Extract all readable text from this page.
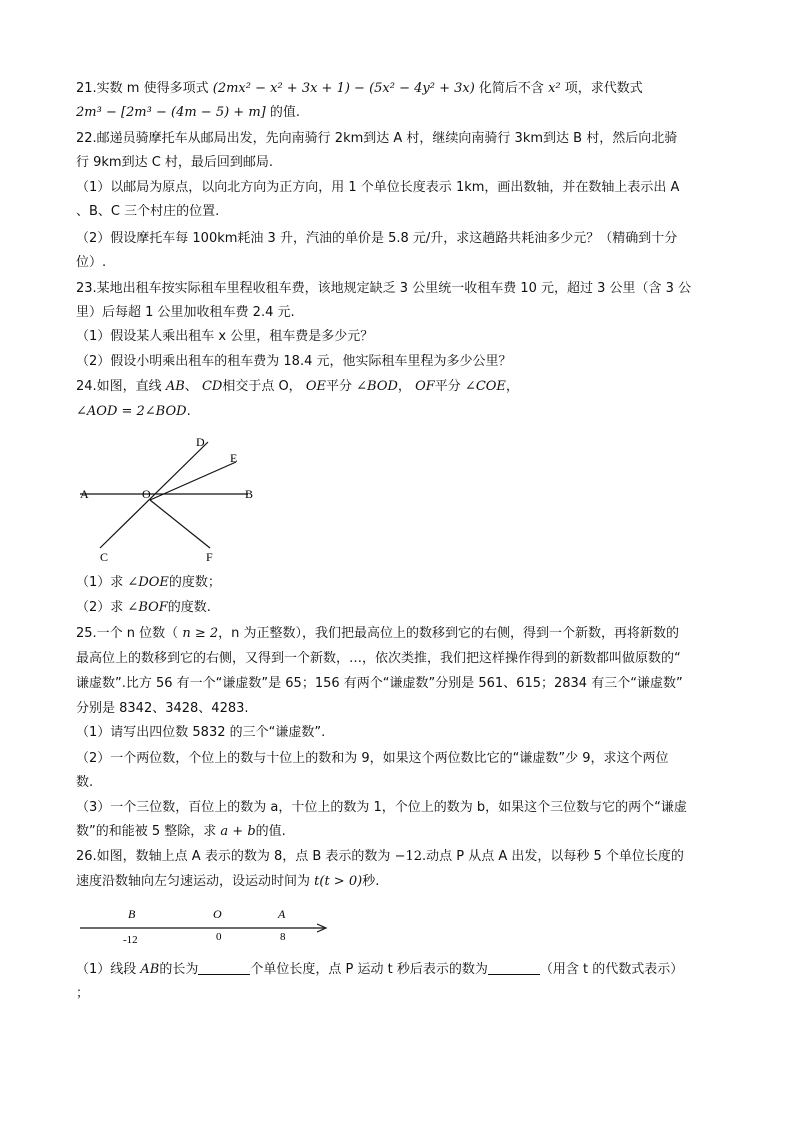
21.实数 m 使得多项式 (2mx² − x² + 3x + 1) − (5x² − 4y² + 3x) 化简后不含 x² 项，求代数式
2m³ − [2m³ − (4m − 5) + m] 的值.
22.邮递员骑摩托车从邮局出发，先向南骑行 2km到达 A 村，继续向南骑行 3km到达 B 村，然后向北骑
行 9km到达 C 村，最后回到邮局.
（1）以邮局为原点，以向北方向为正方向，用 1 个单位长度表示 1km，画出数轴，并在数轴上表示出 A
、B、C 三个村庄的位置.
（2）假设摩托车每 100km耗油 3 升，汽油的单价是 5.8 元/升，求这趟路共耗油多少元？（精确到十分
位）.
23.某地出租车按实际租车里程收租车费，该地规定缺乏 3 公里统一收租车费 10 元，超过 3 公里（含 3 公
里）后每超 1 公里加收租车费 2.4 元.
（1）假设某人乘出租车 x 公里，租车费是多少元？
（2）假设小明乘出租车的租车费为 18.4 元，他实际租车里程为多少公里？
24.如图，直线 AB、 CD相交于点 O， OE平分 ∠BOD， OF平分 ∠COE，
∠AOD = 2∠BOD.
A	O	B
D
E
C	F
（1）求 ∠DOE的度数；
（2）求 ∠BOF的度数.
25.一个 n 位数（ n ≥ 2，n 为正整数），我们把最高位上的数移到它的右侧，得到一个新数，再将新数的
最高位上的数移到它的右侧，又得到一个新数，…，依次类推，我们把这样操作得到的新数都叫做原数的“
谦虚数”.比方 56 有一个“谦虚数”是 65；156 有两个“谦虚数”分别是 561、615；2834 有三个“谦虚数”
分别是 8342、3428、4283.
（1）请写出四位数 5832 的三个“谦虚数”.
（2）一个两位数，个位上的数与十位上的数和为 9，如果这个两位数比它的“谦虚数”少 9，求这个两位
数.
（3）一个三位数，百位上的数为 a，十位上的数为 1，个位上的数为 b，如果这个三位数与它的两个“谦虚
数”的和能被 5 整除，求 a + b的值.
26.如图，数轴上点 A 表示的数为 8，点 B 表示的数为 −12.动点 P 从点 A 出发，以每秒 5 个单位长度的
速度沿数轴向左匀速运动，设运动时间为 t(t > 0)秒.
B	O	A
-12	0	8
（1）线段 AB的长为	个单位长度，点 P 运动 t 秒后表示的数为	（用含 t 的代数式表示）
；
